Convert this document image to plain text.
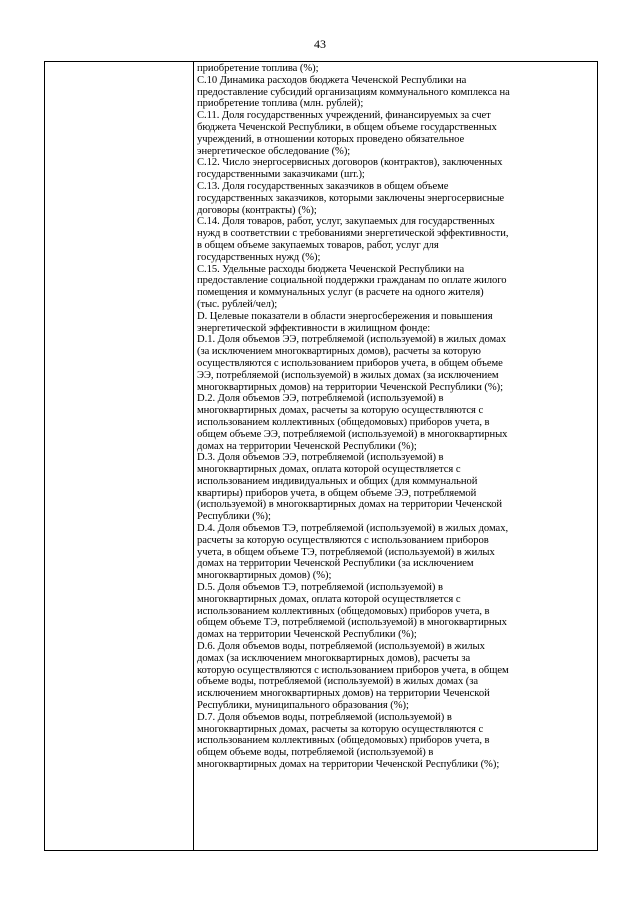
43
приобретение топлива (%);
С.10 Динамика расходов бюджета Чеченской Республики на
предоставление субсидий организациям коммунального комплекса на
приобретение топлива (млн. рублей);
С.11. Доля государственных учреждений, финансируемых за счет
бюджета Чеченской Республики, в общем объеме государственных
учреждений, в отношении которых проведено обязательное
энергетическое обследование (%);
С.12. Число энергосервисных договоров (контрактов), заключенных
государственными заказчиками (шт.);
С.13. Доля государственных заказчиков в общем объеме
государственных заказчиков, которыми заключены энергосервисные
договоры (контракты) (%);
С.14. Доля товаров, работ, услуг, закупаемых для государственных
нужд в соответствии с требованиями энергетической эффективности,
в общем объеме закупаемых товаров, работ, услуг для
государственных нужд (%);
С.15. Удельные расходы бюджета Чеченской Республики на
предоставление социальной поддержки гражданам по оплате жилого
помещения и коммунальных услуг (в расчете на одного жителя)
(тыс. рублей/чел);
D. Целевые показатели в области энергосбережения и повышения
энергетической эффективности в жилищном фонде:
D.1. Доля объемов ЭЭ, потребляемой (используемой) в жилых домах
(за исключением многоквартирных домов), расчеты за которую
осуществляются с использованием приборов учета, в общем объеме
ЭЭ, потребляемой (используемой) в жилых домах (за исключением
многоквартирных домов) на территории Чеченской Республики (%);
D.2. Доля объемов ЭЭ, потребляемой (используемой) в
многоквартирных домах, расчеты за которую осуществляются с
использованием коллективных (общедомовых) приборов учета, в
общем объеме ЭЭ, потребляемой (используемой) в многоквартирных
домах на территории Чеченской Республики (%);
D.3. Доля объемов ЭЭ, потребляемой (используемой) в
многоквартирных домах, оплата которой осуществляется с
использованием индивидуальных и общих (для коммунальной
квартиры) приборов учета, в общем объеме ЭЭ, потребляемой
(используемой) в многоквартирных домах на территории Чеченской
Республики (%);
D.4. Доля объемов ТЭ, потребляемой (используемой) в жилых домах,
расчеты за которую осуществляются с использованием приборов
учета, в общем объеме ТЭ, потребляемой (используемой) в жилых
домах на территории Чеченской Республики (за исключением
многоквартирных домов) (%);
D.5. Доля объемов ТЭ, потребляемой (используемой) в
многоквартирных домах, оплата которой осуществляется с
использованием коллективных (общедомовых) приборов учета, в
общем объеме ТЭ, потребляемой (используемой) в многоквартирных
домах на территории Чеченской Республики (%);
D.6. Доля объемов воды, потребляемой (используемой) в жилых
домах (за исключением многоквартирных домов), расчеты за
которую осуществляются с использованием приборов учета, в общем
объеме воды, потребляемой (используемой) в жилых домах (за
исключением многоквартирных домов) на территории Чеченской
Республики, муниципального образования (%);
D.7. Доля объемов воды, потребляемой (используемой) в
многоквартирных домах, расчеты за которую осуществляются с
использованием коллективных (общедомовых) приборов учета, в
общем объеме воды, потребляемой (используемой) в
многоквартирных домах на территории Чеченской Республики (%);
